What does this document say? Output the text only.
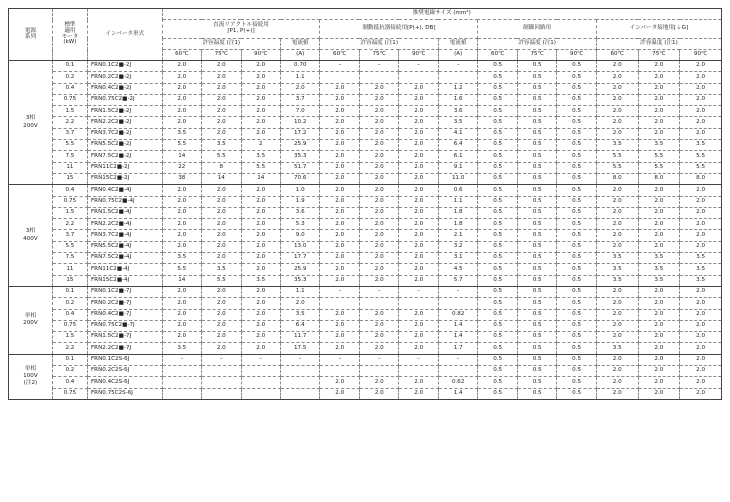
電源
系列	標準
適用
モータ
(kW)	インバータ形式	推奨電線サイズ (mm²)													

			直流リアクトル接続用
[P1, P(+)]				制動抵抗器接続用[P(+), DB]				制御回路用			インバータ接地用[⏚G]		
			許容温度 (注1)			電流値	許容温度 (注1)			電流値	許容温度 (注1)			許容温度 (注1)		
			60℃	75℃	90℃	(A)	60℃	75℃	90℃	(A)	60℃	75℃	90℃	60℃	75℃	90℃

3相
200V	0.1	FRN0.1C2■-2J	2.0	2.0	2.0	0.70	–	–	–	–	0.5	0.5	0.5	2.0	2.0	2.0
	0.2	FRN0.2C2■-2J	2.0	2.0	2.0	1.1					0.5	0.5	0.5	2.0	2.0	2.0
	0.4	FRN0.4C2■-2J	2.0	2.0	2.0	2.0	2.0	2.0	2.0	1.2	0.5	0.5	0.5	2.0	2.0	2.0
	0.75	FRN0.75C2■-2J	2.0	2.0	2.0	3.7	2.0	2.0	2.0	1.6	0.5	0.5	0.5	2.0	2.0	2.0
	1.5	FRN1.5C2■-2J	2.0	2.0	2.0	7.0	2.0	2.0	2.0	3.6	0.5	0.5	0.5	2.0	2.0	2.0
	2.2	FRN2.2C2■-2J	2.0	2.0	2.0	10.2	2.0	2.0	2.0	3.5	0.5	0.5	0.5	2.0	2.0	2.0
	3.7	FRN3.7C2■-2J	3.5	2.0	2.0	17.2	2.0	2.0	2.0	4.1	0.5	0.5	0.5	2.0	2.0	2.0
	5.5	FRN5.5C2■-2J	5.5	3.5	2	25.9	2.0	2.0	2.0	6.4	0.5	0.5	0.5	3.5	3.5	3.5
	7.5	FRN7.5C2■-2J	14	5.5	3.5	35.3	2.0	2.0	2.0	6.1	0.5	0.5	0.5	5.5	5.5	5.5
	11	FRN11C2■-2J	22	8	5.5	51.7	2.0	2.0	2.0	9.1	0.5	0.5	0.5	5.5	5.5	5.5
	15	FRN15C2■-2J	38	14	14	70.6	2.0	2.0	2.0	11.0	0.5	0.5	0.5	8.0	8.0	8.0

3相
400V	0.4	FRN0.4C2■-4J	2.0	2.0	2.0	1.0	2.0	2.0	2.0	0.6	0.5	0.5	0.5	2.0	2.0	2.0
	0.75	FRN0.75C2■-4J	2.0	2.0	2.0	1.9	2.0	2.0	2.0	1.1	0.5	0.5	0.5	2.0	2.0	2.0
	1.5	FRN1.5C2■-4J	2.0	2.0	2.0	3.6	2.0	2.0	2.0	1.8	0.5	0.5	0.5	2.0	2.0	2.0
	2.2	FRN2.2C2■-4J	2.0	2.0	2.0	5.3	2.0	2.0	2.0	1.8	0.5	0.5	0.5	2.0	2.0	2.0
	3.7	FRN3.7C2■-4J	2.0	2.0	2.0	9.0	2.0	2.0	2.0	2.1	0.5	0.5	0.5	2.0	2.0	2.0
	5.5	FRN5.5C2■-4J	2.0	2.0	2.0	13.0	2.0	2.0	2.0	3.2	0.5	0.5	0.5	2.0	2.0	2.0
	7.5	FRN7.5C2■-4J	3.5	2.0	2.0	17.7	2.0	2.0	2.0	3.1	0.5	0.5	0.5	3.5	3.5	3.5
	11	FRN11C2■-4J	5.5	3.5	2.0	25.9	2.0	2.0	2.0	4.5	0.5	0.5	0.5	3.5	3.5	3.5
	15	FRN15C2■-4J	14	5.5	3.5	35.3	2.0	2.0	2.0	5.7	0.5	0.5	0.5	3.5	3.5	3.5

単相
200V	0.1	FRN0.1C2■-7J	2.0	2.0	2.0	1.1	–	–	–	–	0.5	0.5	0.5	2.0	2.0	2.0
	0.2	FRN0.2C2■-7J	2.0	2.0	2.0	2.0					0.5	0.5	0.5	2.0	2.0	2.0
	0.4	FRN0.4C2■-7J	2.0	2.0	2.0	3.5	2.0	2.0	2.0	0.82	0.5	0.5	0.5	2.0	2.0	2.0
	0.75	FRN0.75C2■-7J	2.0	2.0	2.0	6.4	2.0	2.0	2.0	1.4	0.5	0.5	0.5	2.0	2.0	2.0
	1.5	FRN1.5C2■-7J	2.0	2.0	2.0	11.7	2.0	2.0	2.0	1.4	0.5	0.5	0.5	2.0	2.0	2.0
	2.2	FRN2.2C2■-7J	3.5	2.0	2.0	17.5	2.0	2.0	2.0	1.7	0.5	0.5	0.5	3.5	2.0	2.0

単相
100V
(注2)	0.1	FRN0.1C2S-6J	–	–	–	–	–	–	–	–	0.5	0.5	0.5	2.0	2.0	2.0
	0.2	FRN0.2C2S-6J									0.5	0.5	0.5	2.0	2.0	2.0
	0.4	FRN0.4C2S-6J					2.0	2.0	2.0	0.62	0.5	0.5	0.5	2.0	2.0	2.0
	0.75	FRN0.75C2S-6J					2.0	2.0	2.0	1.4	0.5	0.5	0.5	2.0	2.0	2.0
